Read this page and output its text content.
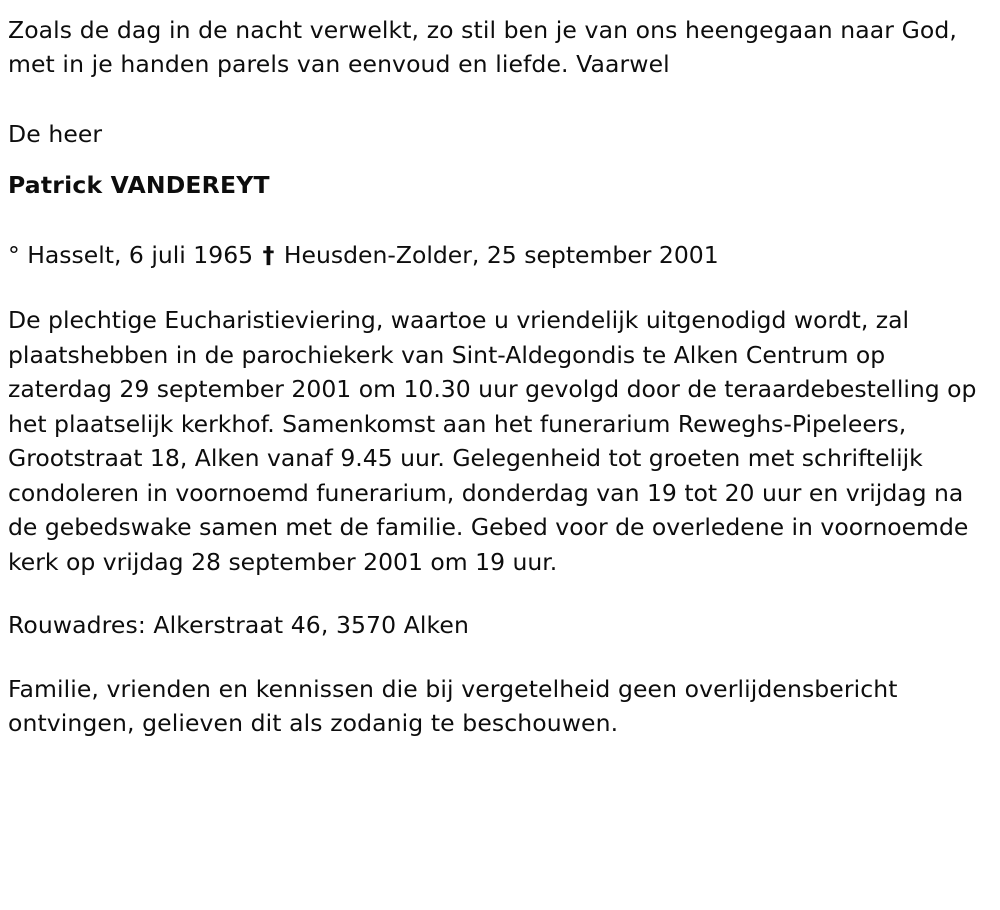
Zoals de dag in de nacht verwelkt, zo stil ben je van ons heengegaan naar God, met in je handen parels van eenvoud en liefde. Vaarwel

De heer

Patrick VANDEREYT

° Hasselt, 6 juli 1965 † Heusden-Zolder, 25 september 2001

De plechtige Eucharistieviering, waartoe u vriendelijk uitgenodigd wordt, zal plaatshebben in de parochiekerk van Sint-Aldegondis te Alken Centrum op zaterdag 29 september 2001 om 10.30 uur gevolgd door de teraardebestelling op het plaatselijk kerkhof. Samenkomst aan het funerarium Reweghs-Pipeleers, Grootstraat 18, Alken vanaf 9.45 uur. Gelegenheid tot groeten met schriftelijk condoleren in voornoemd funerarium, donderdag van 19 tot 20 uur en vrijdag na de gebedswake samen met de familie. Gebed voor de overledene in voornoemde kerk op vrijdag 28 september 2001 om 19 uur.

Rouwadres: Alkerstraat 46, 3570 Alken

Familie, vrienden en kennissen die bij vergetelheid geen overlijdensbericht ontvingen, gelieven dit als zodanig te beschouwen.
